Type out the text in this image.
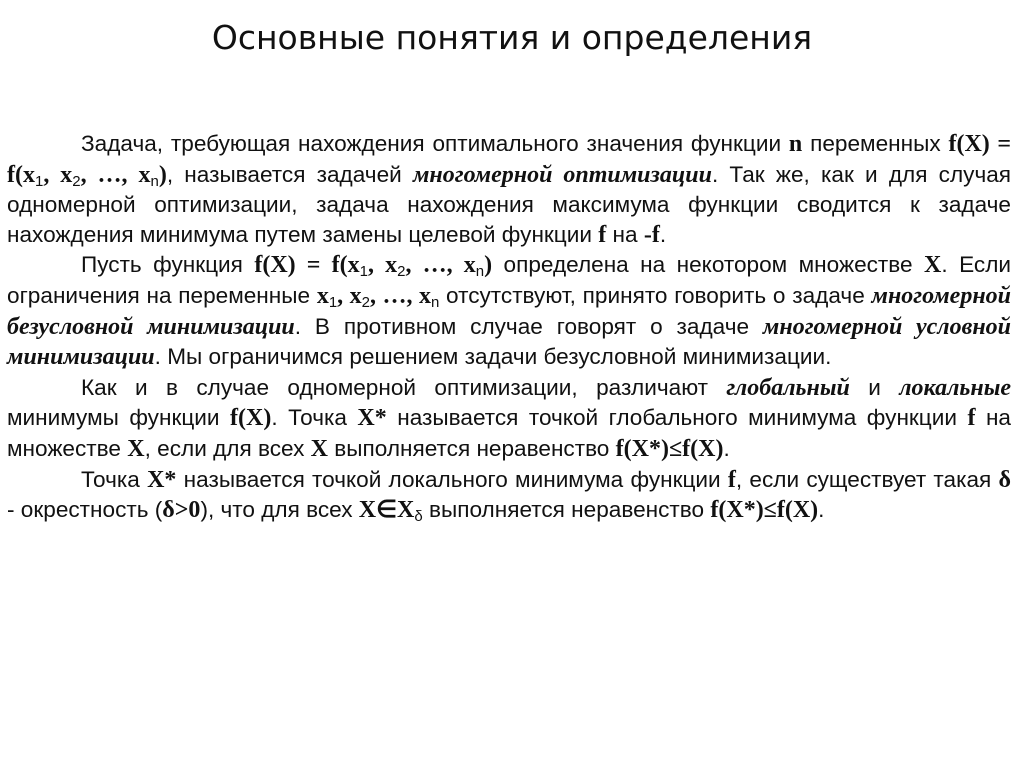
Основные понятия и определения

Задача, требующая нахождения оптимального значения функции n переменных $f(X) = f(x_1$, $x_2$, …, $x_n$), называется задачей многомерной оптимизации. Так же, как и для случая одномерной оптимизации, задача нахождения максимума функции сводится к задаче нахождения минимума путем замены целевой функции f на -f.

Пусть функция $f(X) = f(x_1$, $x_2$, …, $x_n$) определена на некотором множестве X. Если ограничения на переменные $x_1$, $x_2$, …, $x_n$ отсутствуют, принято говорить о задаче многомерной безусловной минимизации. В противном случае говорят о задаче многомерной условной минимизации. Мы ограничимся решением задачи безусловной минимизации.

Как и в случае одномерной оптимизации, различают глобальный и локальные минимумы функции f(X). Точка X* называется точкой глобального минимума функции f на множестве X, если для всех X выполняется неравенство f(X*)≤f(X).

Точка X* называется точкой локального минимума функции f, если существует такая δ - окрестность (δ>0), что для всех $X\in X_\delta$ выполняется неравенство f(X*)≤f(X).
